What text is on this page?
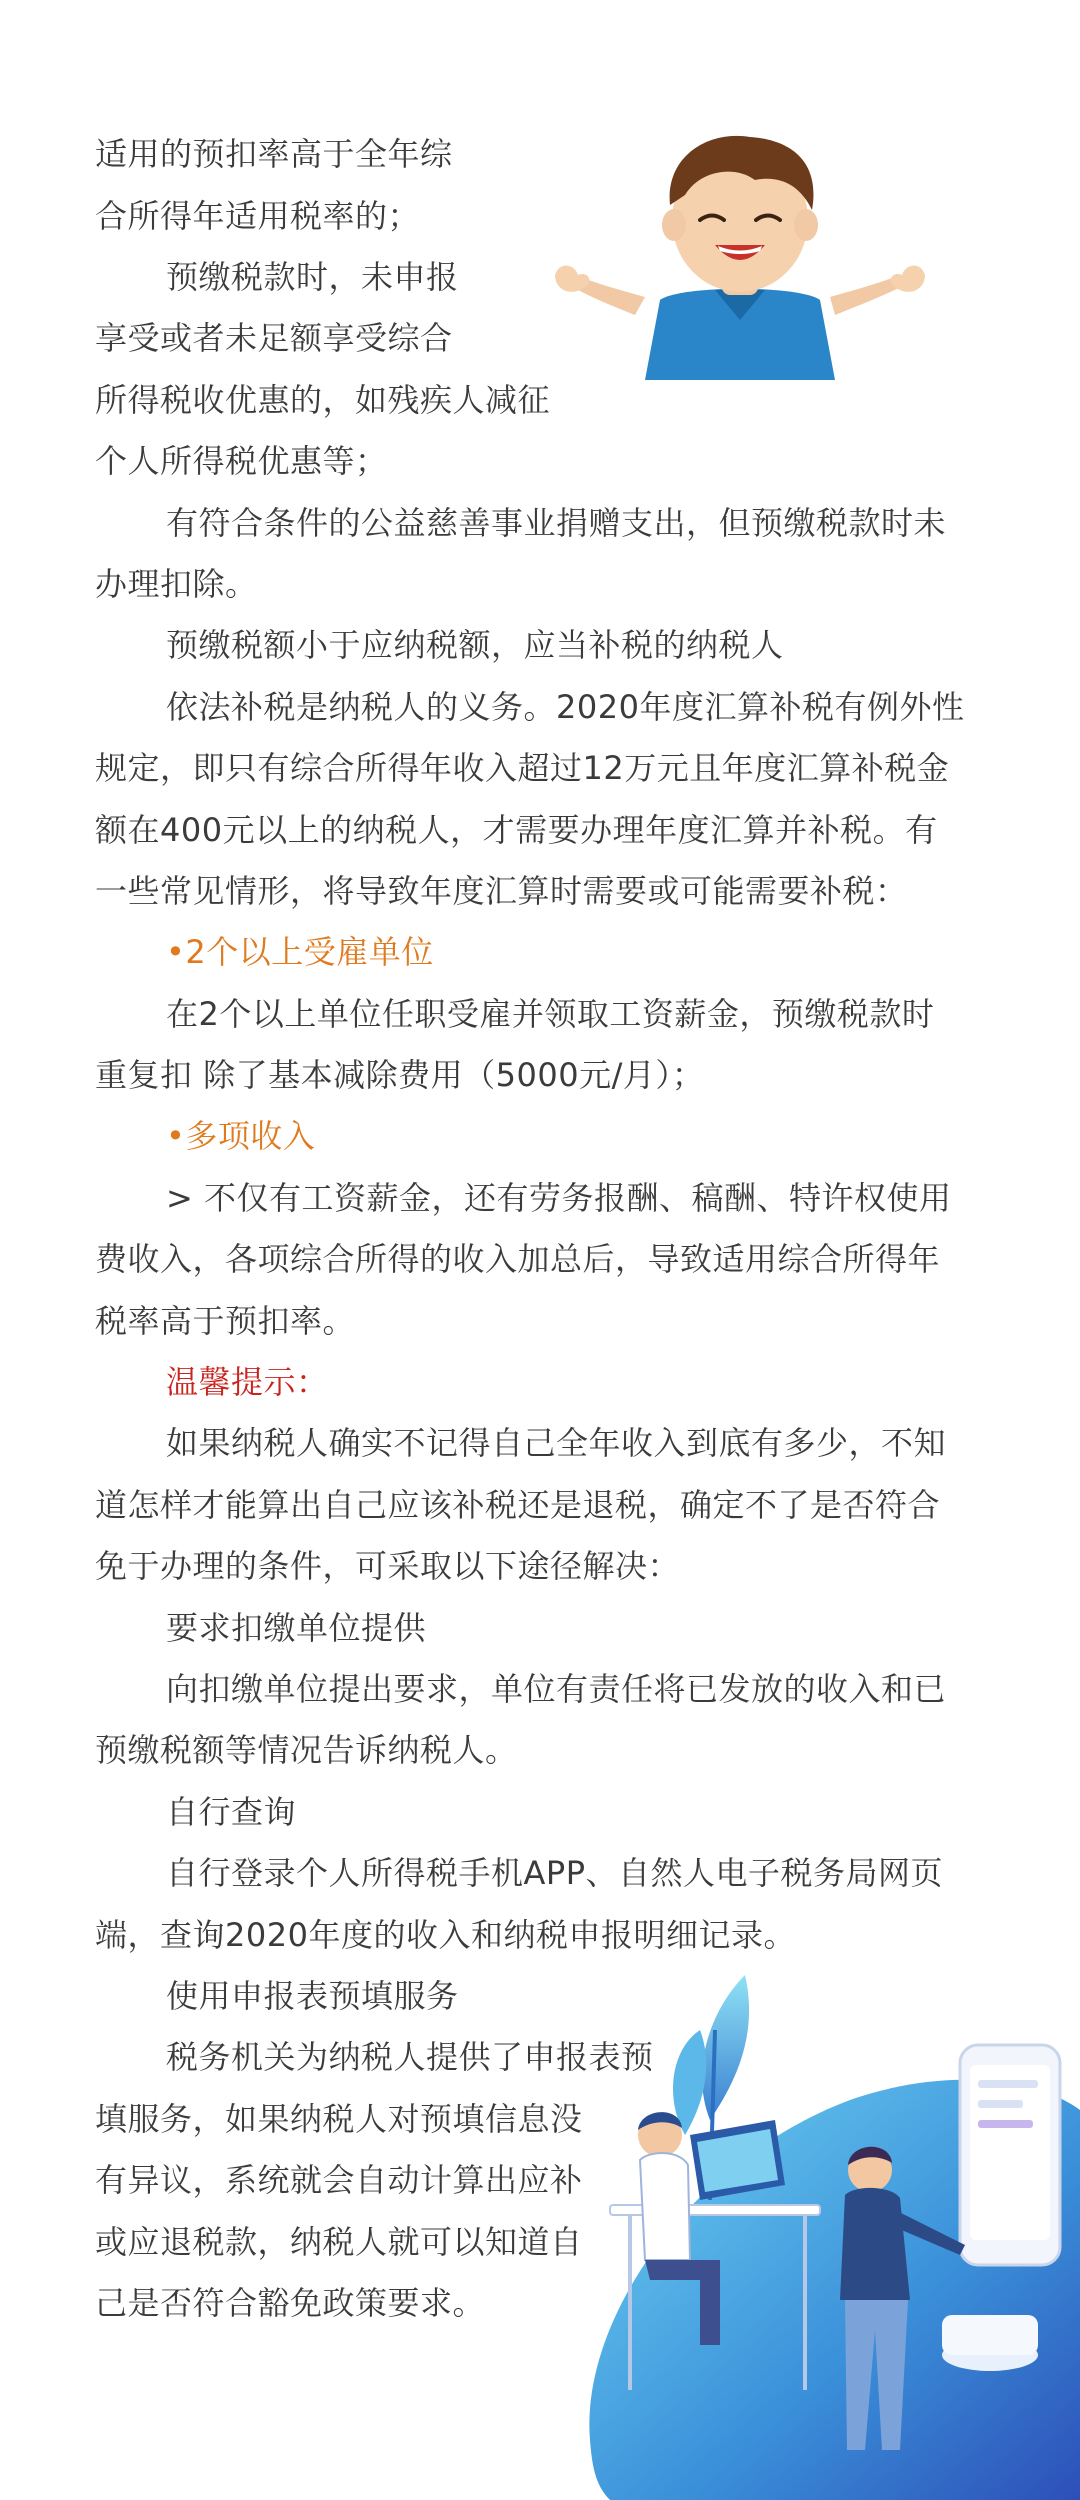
适用的预扣率高于全年综
合所得年适用税率的；
预缴税款时，未申报
享受或者未足额享受综合
所得税收优惠的，如残疾人减征
个人所得税优惠等；
有符合条件的公益慈善事业捐赠支出，但预缴税款时未
办理扣除。
预缴税额小于应纳税额，应当补税的纳税人
依法补税是纳税人的义务。2020年度汇算补税有例外性
规定，即只有综合所得年收入超过12万元且年度汇算补税金
额在400元以上的纳税人，才需要办理年度汇算并补税。有
一些常见情形，将导致年度汇算时需要或可能需要补税：
•2个以上受雇单位
在2个以上单位任职受雇并领取工资薪金，预缴税款时
重复扣 除了基本减除费用（5000元/月）；
•多项收入
> 不仅有工资薪金，还有劳务报酬、稿酬、特许权使用
费收入，各项综合所得的收入加总后，导致适用综合所得年
税率高于预扣率。
温馨提示：
如果纳税人确实不记得自己全年收入到底有多少，不知
道怎样才能算出自己应该补税还是退税，确定不了是否符合
免于办理的条件，可采取以下途径解决：
要求扣缴单位提供
向扣缴单位提出要求，单位有责任将已发放的收入和已
预缴税额等情况告诉纳税人。
自行查询
自行登录个人所得税手机APP、自然人电子税务局网页
端，查询2020年度的收入和纳税申报明细记录。
使用申报表预填服务
税务机关为纳税人提供了申报表预
填服务，如果纳税人对预填信息没
有异议，系统就会自动计算出应补
或应退税款，纳税人就可以知道自
己是否符合豁免政策要求。
